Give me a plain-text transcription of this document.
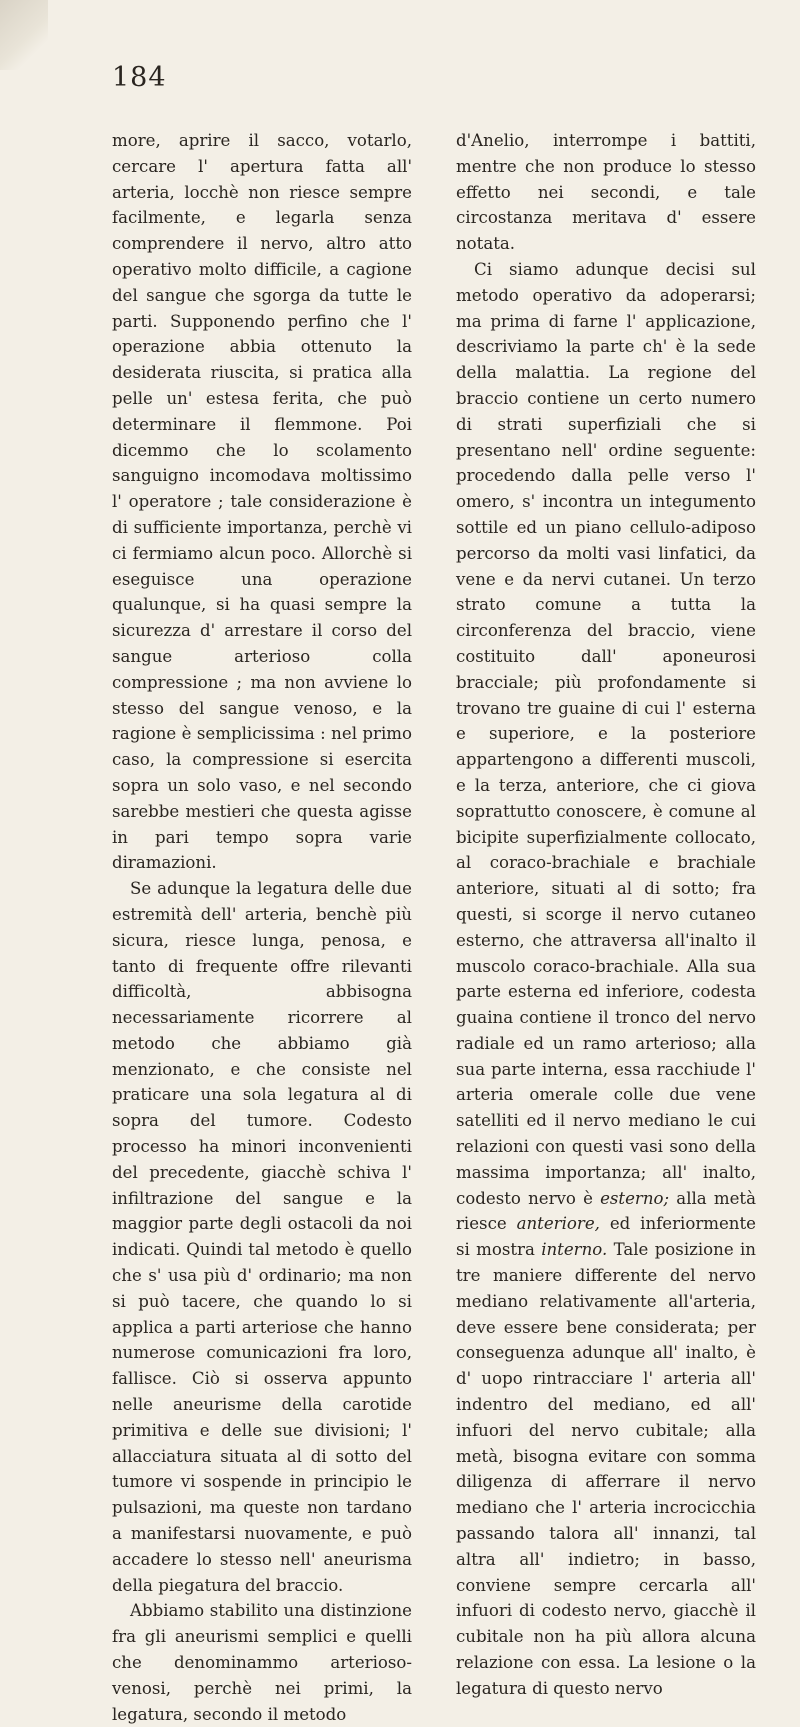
184

more, aprire il sacco, votarlo, cercare l' apertura fatta all' arteria, locchè non riesce sempre facilmente, e legarla senza comprendere il nervo, altro atto operativo molto difficile, a cagione del sangue che sgorga da tutte le parti. Supponendo perfino che l' operazione abbia ottenuto la desiderata riuscita, si pratica alla pelle un' estesa ferita, che può determinare il flemmone. Poi dicemmo che lo scolamento sanguigno incomodava moltissimo l' operatore ; tale considerazione è di sufficiente importanza, perchè vi ci fermiamo alcun poco. Allorchè si eseguisce una operazione qualunque, si ha quasi sempre la sicurezza d' arrestare il corso del sangue arterioso colla compressione ; ma non avviene lo stesso del sangue venoso, e la ragione è semplicissima : nel primo caso, la compressione si esercita sopra un solo vaso, e nel secondo sarebbe mestieri che questa agisse in pari tempo sopra varie diramazioni.

Se adunque la legatura delle due estremità dell' arteria, benchè più sicura, riesce lunga, penosa, e tanto di frequente offre rilevanti difficoltà, abbisogna necessariamente ricorrere al metodo che abbiamo già menzionato, e che consiste nel praticare una sola legatura al di sopra del tumore. Codesto processo ha minori inconvenienti del precedente, giacchè schiva l' infiltrazione del sangue e la maggior parte degli ostacoli da noi indicati. Quindi tal metodo è quello che s' usa più d' ordinario; ma non si può tacere, che quando lo si applica a parti arteriose che hanno numerose comunicazioni fra loro, fallisce. Ciò si osserva appunto nelle aneurisme della carotide primitiva e delle sue divisioni; l' allacciatura situata al di sotto del tumore vi sospende in principio le pulsazioni, ma queste non tardano a manifestarsi nuovamente, e può accadere lo stesso nell' aneurisma della piegatura del braccio.

Abbiamo stabilito una distinzione fra gli aneurismi semplici e quelli che denominammo arterioso-venosi, perchè nei primi, la legatura, secondo il metodo

d'Anelio, interrompe i battiti, mentre che non produce lo stesso effetto nei secondi, e tale circostanza meritava d' essere notata.

Ci siamo adunque decisi sul metodo operativo da adoperarsi; ma prima di farne l' applicazione, descriviamo la parte ch' è la sede della malattia. La regione del braccio contiene un certo numero di strati superfiziali che si presentano nell' ordine seguente: procedendo dalla pelle verso l' omero, s' incontra un integumento sottile ed un piano cellulo-adiposo percorso da molti vasi linfatici, da vene e da nervi cutanei. Un terzo strato comune a tutta la circonferenza del braccio, viene costituito dall' aponeurosi bracciale; più profondamente si trovano tre guaine di cui l' esterna e superiore, e la posteriore appartengono a differenti muscoli, e la terza, anteriore, che ci giova soprattutto conoscere, è comune al bicipite superfizialmente collocato, al coraco-brachiale e brachiale anteriore, situati al di sotto; fra questi, si scorge il nervo cutaneo esterno, che attraversa all'inalto il muscolo coraco-brachiale. Alla sua parte esterna ed inferiore, codesta guaina contiene il tronco del nervo radiale ed un ramo arterioso; alla sua parte interna, essa racchiude l' arteria omerale colle due vene satelliti ed il nervo mediano le cui relazioni con questi vasi sono della massima importanza; all' inalto, codesto nervo è esterno; alla metà riesce anteriore, ed inferiormente si mostra interno. Tale posizione in tre maniere differente del nervo mediano relativamente all'arteria, deve essere bene considerata; per conseguenza adunque all' inalto, è d' uopo rintracciare l' arteria all' indentro del mediano, ed all' infuori del nervo cubitale; alla metà, bisogna evitare con somma diligenza di afferrare il nervo mediano che l' arteria incrocicchia passando talora all' innanzi, tal altra all' indietro; in basso, conviene sempre cercarla all' infuori di codesto nervo, giacchè il cubitale non ha più allora alcuna relazione con essa. La lesione o la legatura di questo nervo
